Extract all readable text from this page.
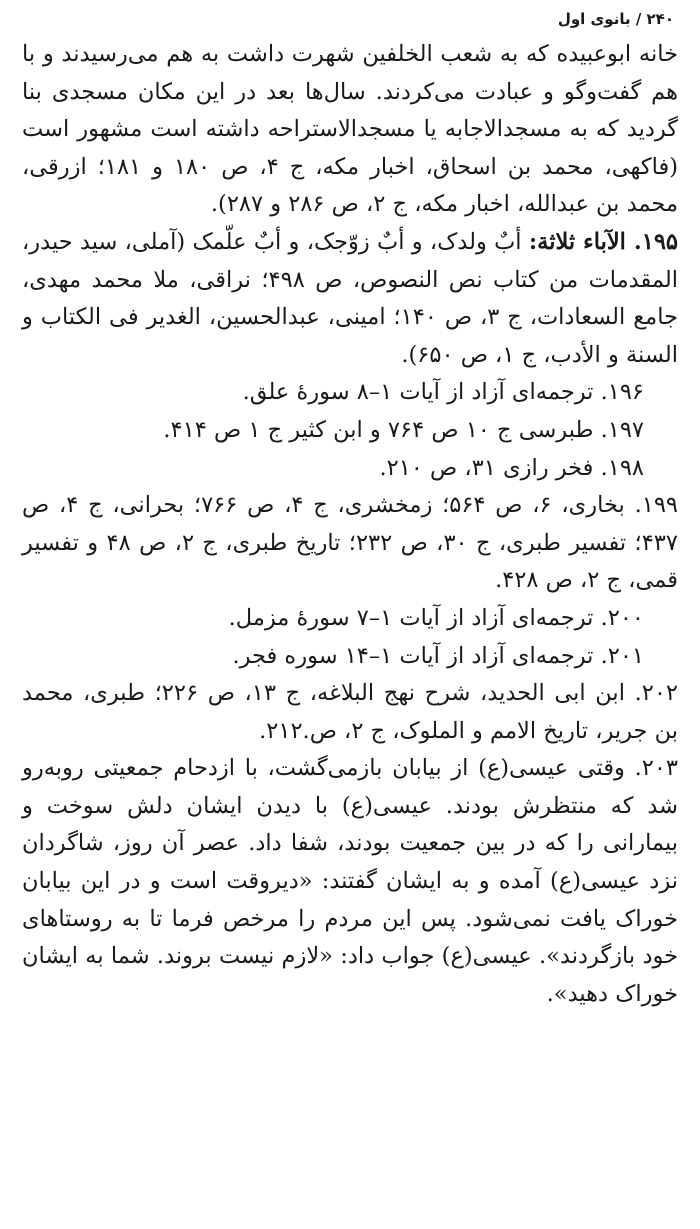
۲۴۰ / بانوی اول

خانه ابوعبیده که به شعب الخلفین شهرت داشت به هم می‌رسیدند و با هم گفت‌وگو و عبادت می‌کردند. سال‌ها بعد در این مکان مسجدی بنا گردید که به مسجدالاجابه یا مسجدالاستراحه داشته است مشهور است (فاکهی، محمد بن اسحاق، اخبار مکه، ج ۴، ص ۱۸۰ و ۱۸۱؛ ازرقی، محمد بن عبدالله، اخبار مکه، ج ۲، ص ۲۸۶ و ۲۸۷).

۱۹۵. الآباء ثلاثة: أبٌ ولدک، و أبٌ زوّجک، و أبٌ علّمک (آملی، سید حیدر، المقدمات من کتاب نص النصوص، ص ۴۹۸؛ نراقی، ملا محمد مهدی، جامع السعادات، ج ۳، ص ۱۴۰؛ امینی، عبدالحسین، الغدیر فی الکتاب و السنة و الأدب، ج ۱، ص ۶۵۰).

۱۹۶. ترجمه‌ای آزاد از آیات ۱–۸ سورهٔ علق.

۱۹۷. طبرسی ج ۱۰ ص ۷۶۴ و ابن کثیر ج ۱ ص ۴۱۴.

۱۹۸. فخر رازی ۳۱، ص ۲۱۰.

۱۹۹. بخاری، ۶، ص ۵۶۴؛ زمخشری، ج ۴، ص ۷۶۶؛ بحرانی، ج ۴، ص ۴۳۷؛ تفسیر طبری، ج ۳۰، ص ۲۳۲؛ تاریخ طبری، ج ۲، ص ۴۸ و تفسیر قمی، ج ۲، ص ۴۲۸.

۲۰۰. ترجمه‌ای آزاد از آیات ۱–۷ سورهٔ مزمل.

۲۰۱. ترجمه‌ای آزاد از آیات ۱–۱۴ سوره فجر.

۲۰۲. ابن ابی الحدید، شرح نهج البلاغه، ج ۱۳، ص ۲۲۶؛ طبری، محمد بن جریر، تاریخ الامم و الملوک، ج ۲، ص.۲۱۲.

۲۰۳. وقتی عیسی(ع) از بیابان بازمی‌گشت، با ازدحام جمعیتی روبه‌رو شد که منتظرش بودند. عیسی(ع) با دیدن ایشان دلش سوخت و بیمارانی را که در بین جمعیت بودند، شفا داد. عصر آن روز، شاگردان نزد عیسی(ع) آمده و به ایشان گفتند: «دیروقت است و در این بیابان خوراک یافت نمی‌شود. پس این مردم را مرخص فرما تا به روستاهای خود بازگردند». عیسی(ع) جواب داد: «لازم نیست بروند. شما به ایشان خوراک دهید».
